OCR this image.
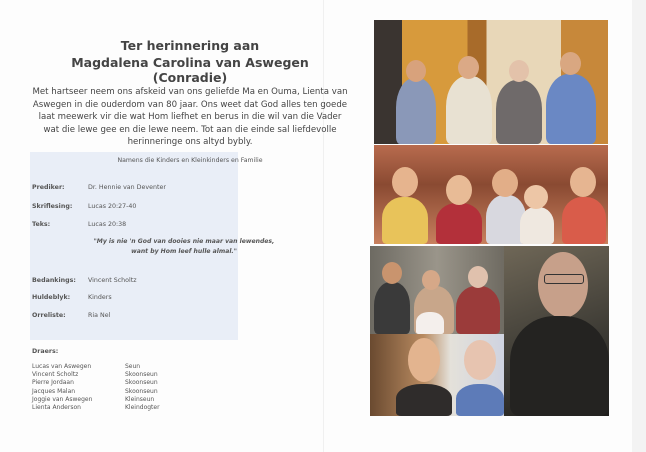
Ter herinnering aan
Magdalena Carolina van Aswegen (Conradie)
Met hartseer neem ons afskeid van ons geliefde Ma en Ouma, Lienta van Aswegen in die ouderdom van 80 jaar. Ons weet dat God alles ten goede laat meewerk vir die wat Hom liefhet en berus in die wil van die Vader wat die lewe gee en die lewe neem. Tot aan die einde sal liefdevolle herinneringe ons altyd bybly.
Namens die Kinders en Kleinkinders en Familie
Prediker:	Dr. Hennie van Deventer
Skriflesing: Lucas 20:27-40
Teks:	Lucas 20:38
"My is nie 'n God van dooies nie maar van lewendes,
want by Hom leef hulle almal."
Bedankings: Vincent Scholtz
Huldeblyk:	Kinders
Orreliste:	Ria Nel
Draers:
Lucas van Aswegen	Seun
Vincent Scholtz	Skoonseun
Pierre Jordaan	Skoonseun
Jacques Malan	Skoonseun
Joggie van Aswegen	Kleinseun
Lienta Anderson	Kleindogter
